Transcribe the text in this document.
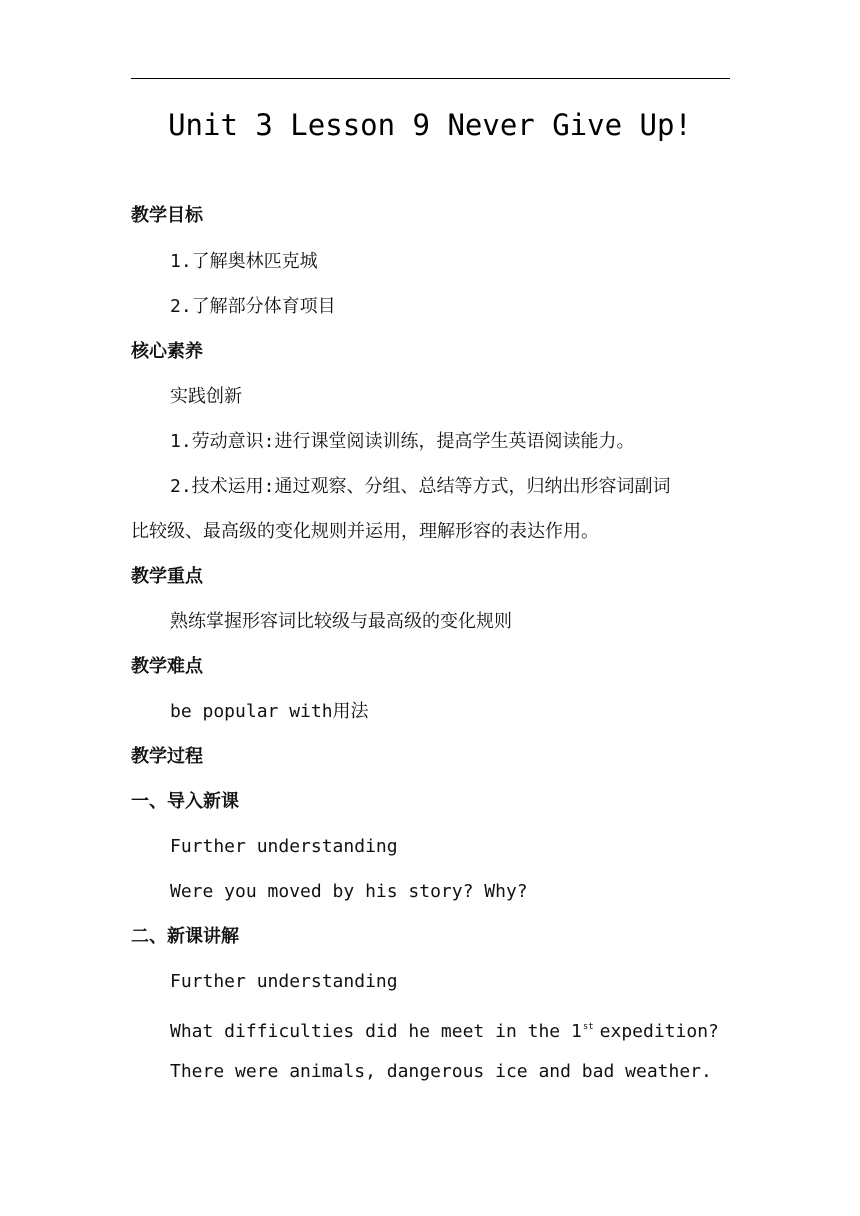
Unit 3 Lesson 9 Never Give Up!
教学目标
1.了解奥林匹克城
2.了解部分体育项目
核心素养
实践创新
1.劳动意识:进行课堂阅读训练，提高学生英语阅读能力。
2.技术运用:通过观察、分组、总结等方式，归纳出形容词副词
比较级、最高级的变化规则并运用，理解形容的表达作用。
教学重点
熟练掌握形容词比较级与最高级的变化规则
教学难点
be popular with用法
教学过程
一、导入新课
Further understanding
Were you moved by his story? Why?
二、新课讲解
Further understanding
What difficulties did he meet in the 1st expedition?
There were animals, dangerous ice and bad weather.
